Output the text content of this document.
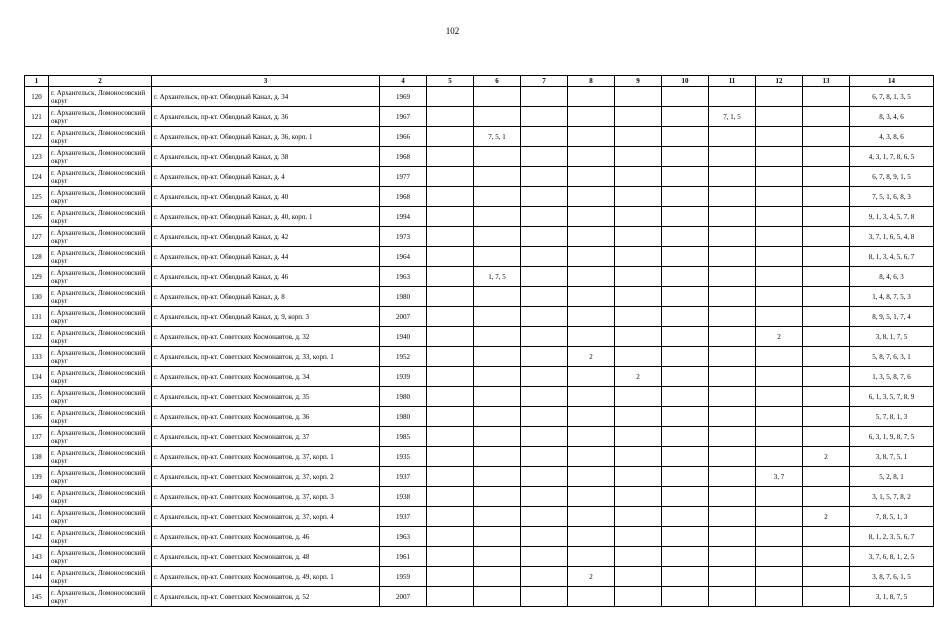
102
1	2	3	4	5	6	7	8	9	10	11	12	13	14
120	г. Архангельск, Ломоносовский округ	г. Архангельск, пр-кт. Обводный Канал, д. 34	1969										6, 7, 8, 1, 3, 5
121	г. Архангельск, Ломоносовский округ	г. Архангельск, пр-кт. Обводный Канал, д. 36	1967							7, 1, 5			8, 3, 4, 6
122	г. Архангельск, Ломоносовский округ	г. Архангельск, пр-кт. Обводный Канал, д. 36, корп. 1	1966		7, 5, 1								4, 3, 8, 6
123	г. Архангельск, Ломоносовский округ	г. Архангельск, пр-кт. Обводный Канал, д. 38	1968										4, 3, 1, 7, 8, 6, 5
124	г. Архангельск, Ломоносовский округ	г. Архангельск, пр-кт. Обводный Канал, д. 4	1977										6, 7, 8, 9, 1, 5
125	г. Архангельск, Ломоносовский округ	г. Архангельск, пр-кт. Обводный Канал, д. 40	1968										7, 5, 1, 6, 8, 3
126	г. Архангельск, Ломоносовский округ	г. Архангельск, пр-кт. Обводный Канал, д. 40, корп. 1	1994										9, 1, 3, 4, 5, 7, 8
127	г. Архангельск, Ломоносовский округ	г. Архангельск, пр-кт. Обводный Канал, д. 42	1973										3, 7, 1, 6, 5, 4, 8
128	г. Архангельск, Ломоносовский округ	г. Архангельск, пр-кт. Обводный Канал, д. 44	1964										8, 1, 3, 4, 5, 6, 7
129	г. Архангельск, Ломоносовский округ	г. Архангельск, пр-кт. Обводный Канал, д. 46	1963		1, 7, 5								8, 4, 6, 3
130	г. Архангельск, Ломоносовский округ	г. Архангельск, пр-кт. Обводный Канал, д. 8	1980										1, 4, 8, 7, 5, 3
131	г. Архангельск, Ломоносовский округ	г. Архангельск, пр-кт. Обводный Канал, д. 9, корп. 3	2007										8, 9, 5, 1, 7, 4
132	г. Архангельск, Ломоносовский округ	г. Архангельск, пр-кт. Советских Космонавтов, д. 32	1940								2		3, 8, 1, 7, 5
133	г. Архангельск, Ломоносовский округ	г. Архангельск, пр-кт. Советских Космонавтов, д. 33, корп. 1	1952				2						5, 8, 7, 6, 3, 1
134	г. Архангельск, Ломоносовский округ	г. Архангельск, пр-кт. Советских Космонавтов, д. 34	1939					2					1, 3, 5, 8, 7, 6
135	г. Архангельск, Ломоносовский округ	г. Архангельск, пр-кт. Советских Космонавтов, д. 35	1980										6, 1, 3, 5, 7, 8, 9
136	г. Архангельск, Ломоносовский округ	г. Архангельск, пр-кт. Советских Космонавтов, д. 36	1980										5, 7, 8, 1, 3
137	г. Архангельск, Ломоносовский округ	г. Архангельск, пр-кт. Советских Космонавтов, д. 37	1985										6, 3, 1, 9, 8, 7, 5
138	г. Архангельск, Ломоносовский округ	г. Архангельск, пр-кт. Советских Космонавтов, д. 37, корп. 1	1935									2	3, 8, 7, 5, 1
139	г. Архангельск, Ломоносовский округ	г. Архангельск, пр-кт. Советских Космонавтов, д. 37, корп. 2	1937								3, 7		5, 2, 8, 1
140	г. Архангельск, Ломоносовский округ	г. Архангельск, пр-кт. Советских Космонавтов, д. 37, корп. 3	1938										3, 1, 5, 7, 8, 2
141	г. Архангельск, Ломоносовский округ	г. Архангельск, пр-кт. Советских Космонавтов, д. 37, корп. 4	1937									2	7, 8, 5, 1, 3
142	г. Архангельск, Ломоносовский округ	г. Архангельск, пр-кт. Советских Космонавтов, д. 46	1963										8, 1, 2, 3, 5, 6, 7
143	г. Архангельск, Ломоносовский округ	г. Архангельск, пр-кт. Советских Космонавтов, д. 48	1961										3, 7, 6, 8, 1, 2, 5
144	г. Архангельск, Ломоносовский округ	г. Архангельск, пр-кт. Советских Космонавтов, д. 49, корп. 1	1959				2						3, 8, 7, 6, 1, 5
145	г. Архангельск, Ломоносовский округ	г. Архангельск, пр-кт. Советских Космонавтов, д. 52	2007										3, 1, 8, 7, 5
